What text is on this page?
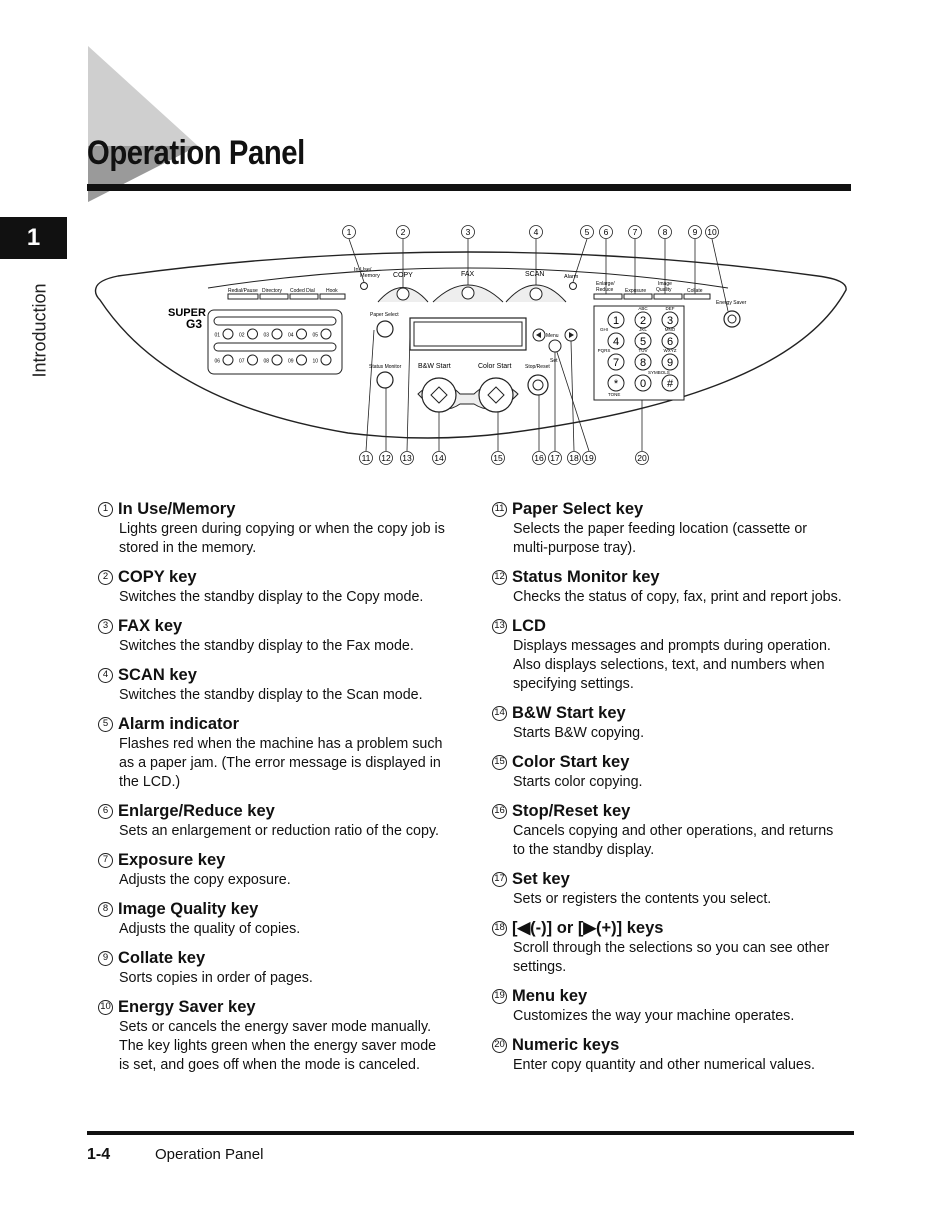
Operation Panel
1
Introduction
1	2	3	4	5 6	7	8	9 10
11 12 13	14	15	16 17 18 19	20
In Use/
Memory	Alarm
COPY	FAX	SCAN
Redial/Pause Directory Coded Dial Hook
Enlarge/
Reduce Exposure
Image
Quality	Collate
Energy Saver
SUPER
G3
01	02	03	04	05
06	07	08	09	10
Paper Select
Status Monitor B&W Start	Color Start	Stop/Reset
Menu
Set
1 2
ABC
3
DEF
4
GHI
5
JKL
6
MNO
7
PQRS
8
TUV
9
WXYZ
* 0 #
TONE
SYMBOLS
1 In Use/Memory
Lights green during copying or when the copy job is stored in the memory.
2 COPY key
Switches the standby display to the Copy mode.
3 FAX key
Switches the standby display to the Fax mode.
4 SCAN key
Switches the standby display to the Scan mode.
5 Alarm indicator
Flashes red when the machine has a problem such as a paper jam. (The error message is displayed in the LCD.)
6 Enlarge/Reduce key
Sets an enlargement or reduction ratio of the copy.
7 Exposure key
Adjusts the copy exposure.
8 Image Quality key
Adjusts the quality of copies.
9 Collate key
Sorts copies in order of pages.
10 Energy Saver key
Sets or cancels the energy saver mode manually. The key lights green when the energy saver mode is set, and goes off when the mode is canceled.
11 Paper Select key
Selects the paper feeding location (cassette or multi-purpose tray).
12 Status Monitor key
Checks the status of copy, fax, print and report jobs.
13 LCD
Displays messages and prompts during operation. Also displays selections, text, and numbers when specifying settings.
14 B&W Start key
Starts B&W copying.
15 Color Start key
Starts color copying.
16 Stop/Reset key
Cancels copying and other operations, and returns to the standby display.
17 Set key
Sets or registers the contents you select.
18 [◀(-)] or [▶(+)] keys
Scroll through the selections so you can see other settings.
19 Menu key
Customizes the way your machine operates.
20 Numeric keys
Enter copy quantity and other numerical values.
1-4	Operation Panel
